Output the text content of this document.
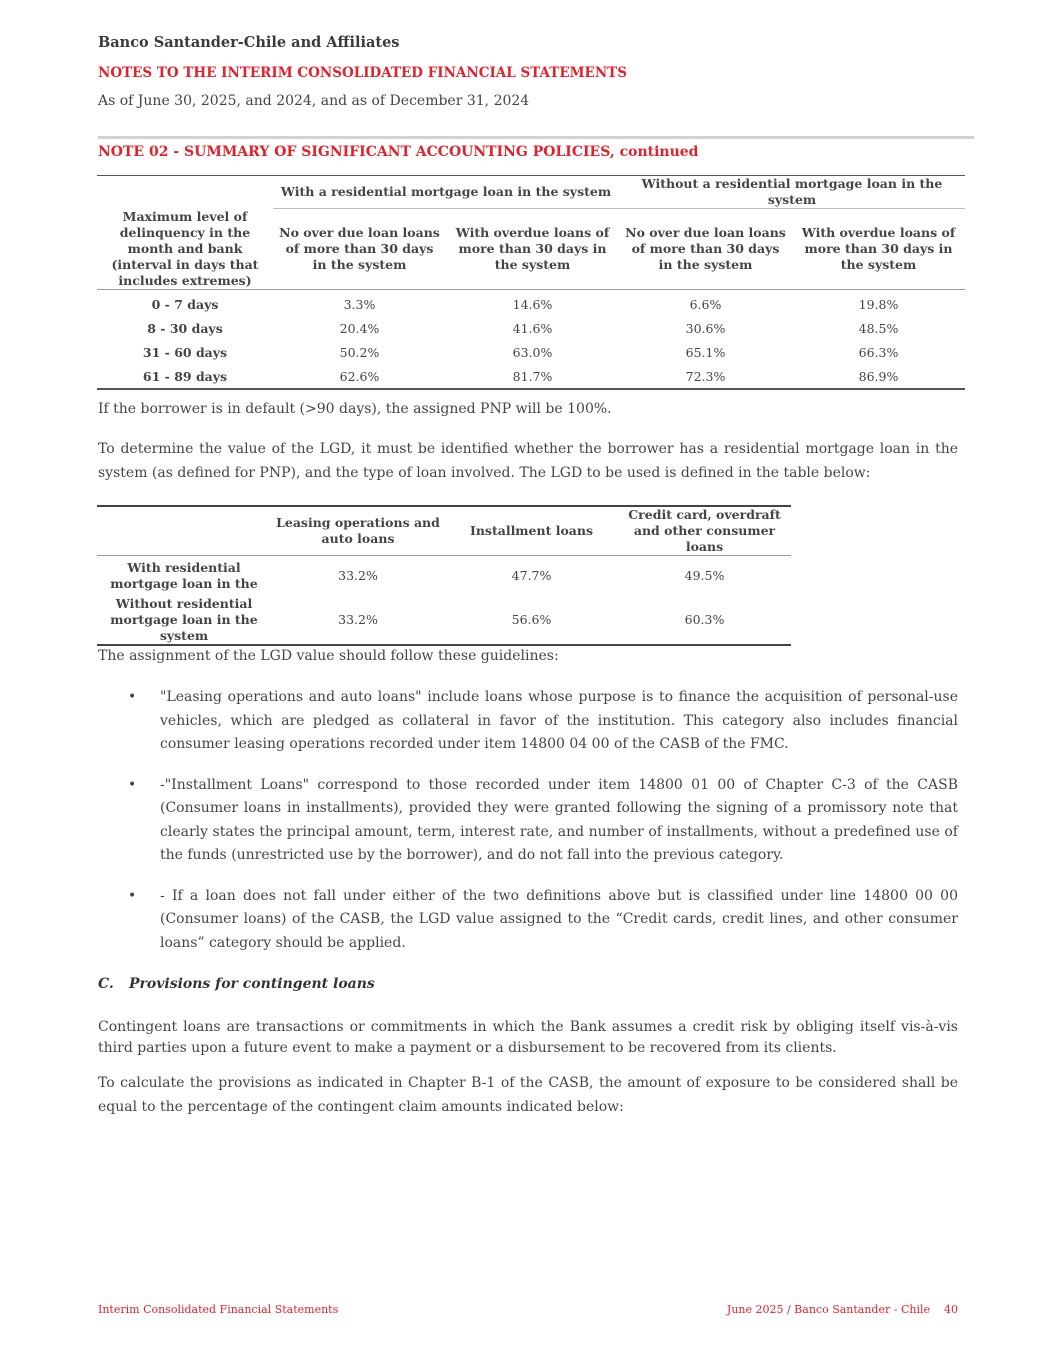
Banco Santander-Chile and Affiliates
NOTES TO THE INTERIM CONSOLIDATED FINANCIAL STATEMENTS
As of June 30, 2025, and 2024, and as of December 31, 2024
NOTE 02 - SUMMARY OF SIGNIFICANT ACCOUNTING POLICIES, continued
Maximum level of delinquency in the month and bank (interval in days that includes extremes)	With a residential mortgage loan in the system		Without a residential mortgage loan in the system	
	No over due loan loans of more than 30 days in the system	With overdue loans of more than 30 days in the system	No over due loan loans of more than 30 days in the system	With overdue loans of more than 30 days in the system
0 - 7 days	3.3%	14.6%	6.6%	19.8%
8 - 30 days	20.4%	41.6%	30.6%	48.5%
31 - 60 days	50.2%	63.0%	65.1%	66.3%
61 - 89 days	62.6%	81.7%	72.3%	86.9%
If the borrower is in default (>90 days), the assigned PNP will be 100%.
To determine the value of the LGD, it must be identified whether the borrower has a residential mortgage loan in the system (as defined for PNP), and the type of loan involved. The LGD to be used is defined in the table below:
	Leasing operations and auto loans	Installment loans	Credit card, overdraft and other consumer loans
With residential mortgage loan in the	33.2%	47.7%	49.5%
Without residential mortgage loan in the system	33.2%	56.6%	60.3%
The assignment of the LGD value should follow these guidelines:
• "Leasing operations and auto loans" include loans whose purpose is to finance the acquisition of personal-use vehicles, which are pledged as collateral in favor of the institution. This category also includes financial consumer leasing operations recorded under item 14800 04 00 of the CASB of the FMC.
• -"Installment Loans" correspond to those recorded under item 14800 01 00 of Chapter C-3 of the CASB (Consumer loans in installments), provided they were granted following the signing of a promissory note that clearly states the principal amount, term, interest rate, and number of installments, without a predefined use of the funds (unrestricted use by the borrower), and do not fall into the previous category.
• - If a loan does not fall under either of the two definitions above but is classified under line 14800 00 00 (Consumer loans) of the CASB, the LGD value assigned to the “Credit cards, credit lines, and other consumer loans” category should be applied.
C. Provisions for contingent loans
Contingent loans are transactions or commitments in which the Bank assumes a credit risk by obliging itself vis-à-vis third parties upon a future event to make a payment or a disbursement to be recovered from its clients.
To calculate the provisions as indicated in Chapter B-1 of the CASB, the amount of exposure to be considered shall be equal to the percentage of the contingent claim amounts indicated below:
Interim Consolidated Financial Statements	June 2025 / Banco Santander - Chile 40
